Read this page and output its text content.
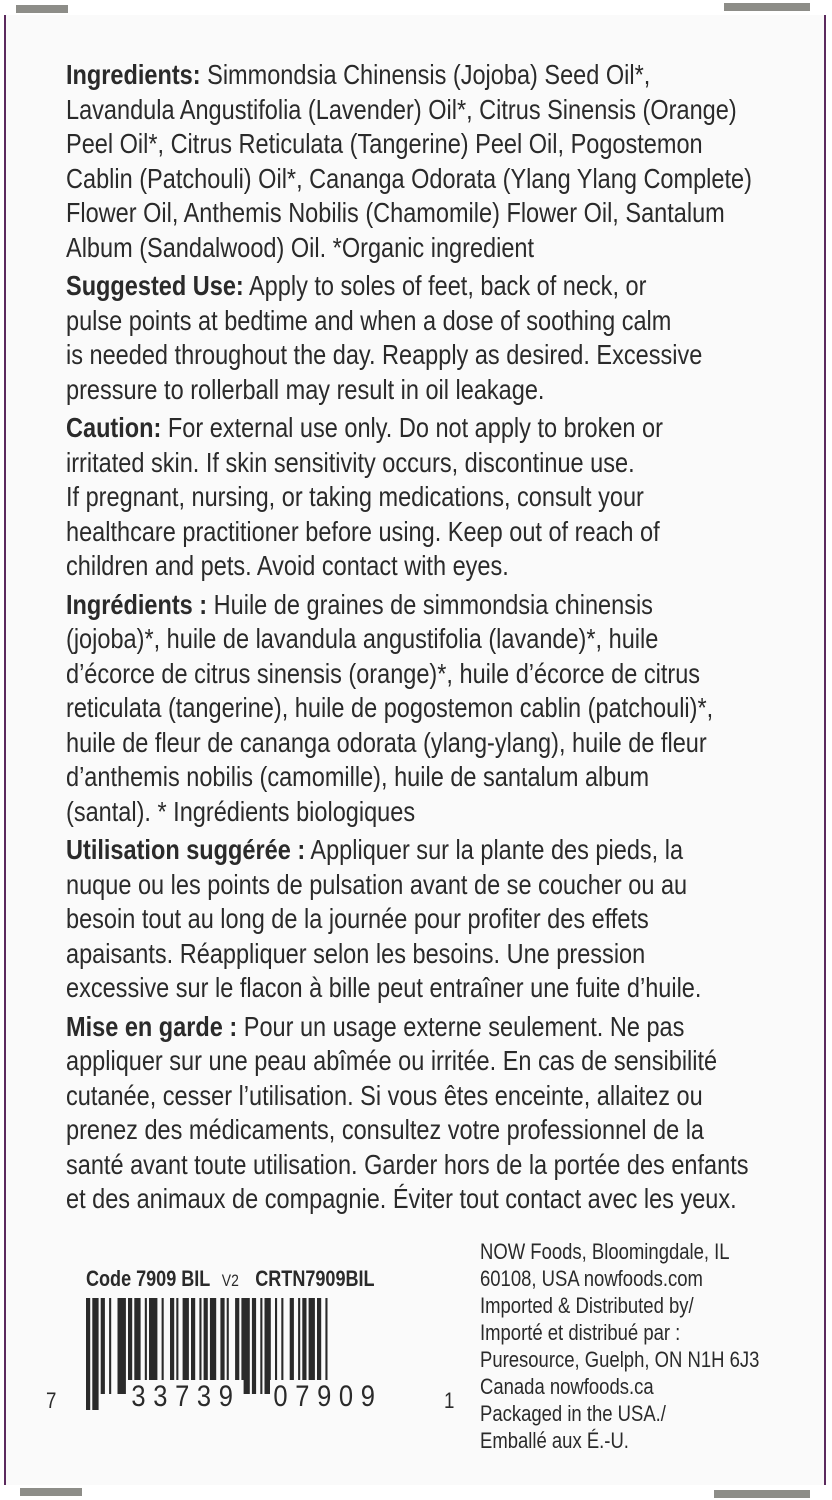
Ingredients: Simmondsia Chinensis (Jojoba) Seed Oil*,
Lavandula Angustifolia (Lavender) Oil*, Citrus Sinensis (Orange)
Peel Oil*, Citrus Reticulata (Tangerine) Peel Oil, Pogostemon
Cablin (Patchouli) Oil*, Cananga Odorata (Ylang Ylang Complete)
Flower Oil, Anthemis Nobilis (Chamomile) Flower Oil, Santalum
Album (Sandalwood) Oil. *Organic ingredient
Suggested Use: Apply to soles of feet, back of neck, or
pulse points at bedtime and when a dose of soothing calm
is needed throughout the day. Reapply as desired. Excessive
pressure to rollerball may result in oil leakage.
Caution: For external use only. Do not apply to broken or
irritated skin. If skin sensitivity occurs, discontinue use.
If pregnant, nursing, or taking medications, consult your
healthcare practitioner before using. Keep out of reach of
children and pets. Avoid contact with eyes.
Ingrédients : Huile de graines de simmondsia chinensis
(jojoba)*, huile de lavandula angustifolia (lavande)*, huile
d’écorce de citrus sinensis (orange)*, huile d’écorce de citrus
reticulata (tangerine), huile de pogostemon cablin (patchouli)*,
huile de fleur de cananga odorata (ylang-ylang), huile de fleur
d’anthemis nobilis (camomille), huile de santalum album
(santal). * Ingrédients biologiques
Utilisation suggérée : Appliquer sur la plante des pieds, la
nuque ou les points de pulsation avant de se coucher ou au
besoin tout au long de la journée pour profiter des effets
apaisants. Réappliquer selon les besoins. Une pression
excessive sur le flacon à bille peut entraîner une fuite d’huile.
Mise en garde : Pour un usage externe seulement. Ne pas
appliquer sur une peau abîmée ou irritée. En cas de sensibilité
cutanée, cesser l’utilisation. Si vous êtes enceinte, allaitez ou
prenez des médicaments, consultez votre professionnel de la
santé avant toute utilisation. Garder hors de la portée des enfants
et des animaux de compagnie. Éviter tout contact avec les yeux.
Code 7909 BIL V2 CRTN7909BIL
7 33739 07909	1
NOW Foods, Bloomingdale, IL
60108, USA nowfoods.com
Imported & Distributed by/
Importé et distribué par :
Puresource, Guelph, ON N1H 6J3
Canada nowfoods.ca
Packaged in the USA./
Emballé aux É.-U.
